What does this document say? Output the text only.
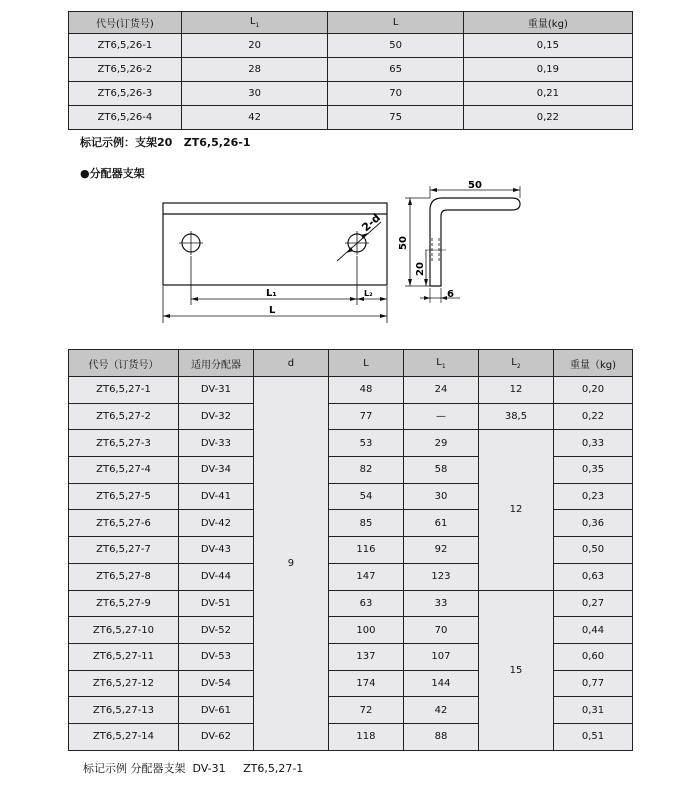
代号(订货号)	$L_1$	L	重量(kg)
ZT6,5,26-1	20	50	0,15
ZT6,5,26-2	28	65	0,19
ZT6,5,26-3	30	70	0,21
ZT6,5,26-4	42	75	0,22
标记示例：支架20   ZT6,5,26-1
●分配器支架
2-d
L₁	L₂
L
50
50
20
6
代号（订货号）	适用分配器	d	L	$L_1$	$L_2$	重量（kg)
ZT6,5,27-1	DV-31	9	48	24	12	0,20
ZT6,5,27-2	DV-32		77	—	38,5	0,22
ZT6,5,27-3	DV-33		53	29	12	0,33
ZT6,5,27-4	DV-34		82	58		0,35
ZT6,5,27-5	DV-41		54	30		0,23
ZT6,5,27-6	DV-42		85	61		0,36
ZT6,5,27-7	DV-43		116	92		0,50
ZT6,5,27-8	DV-44		147	123		0,63
ZT6,5,27-9	DV-51		63	33	15	0,27
ZT6,5,27-10	DV-52		100	70		0,44
ZT6,5,27-11	DV-53		137	107		0,60
ZT6,5,27-12	DV-54		174	144		0,77
ZT6,5,27-13	DV-61		72	42		0,31
ZT6,5,27-14	DV-62		118	88		0,51
标记示例 分配器支架  DV-31     ZT6,5,27-1
